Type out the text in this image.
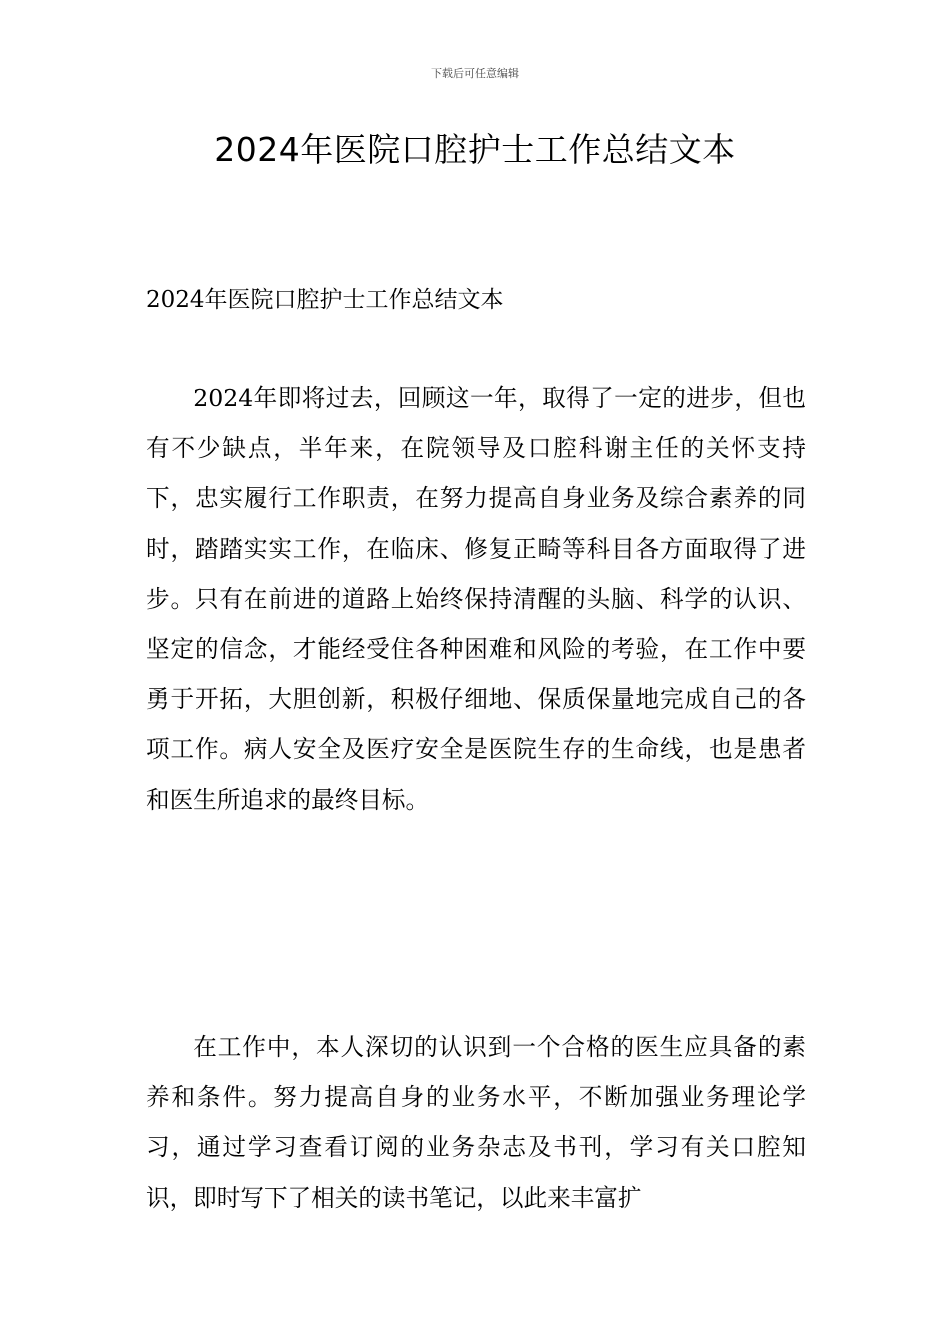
下载后可任意编辑
2024年医院口腔护士工作总结文本

2024年医院口腔护士工作总结文本

2024年即将过去，回顾这一年，取得了一定的进步，但也有不少缺点，半年来，在院领导及口腔科谢主任的关怀支持下，忠实履行工作职责，在努力提高自身业务及综合素养的同时，踏踏实实工作，在临床、修复正畸等科目各方面取得了进步。只有在前进的道路上始终保持清醒的头脑、科学的认识、坚定的信念，才能经受住各种困难和风险的考验，在工作中要勇于开拓，大胆创新，积极仔细地、保质保量地完成自己的各项工作。病人安全及医疗安全是医院生存的生命线，也是患者和医生所追求的最终目标。

在工作中，本人深切的认识到一个合格的医生应具备的素养和条件。努力提高自身的业务水平，不断加强业务理论学习，通过学习查看订阅的业务杂志及书刊，学习有关口腔知识，即时写下了相关的读书笔记，以此来丰富扩
